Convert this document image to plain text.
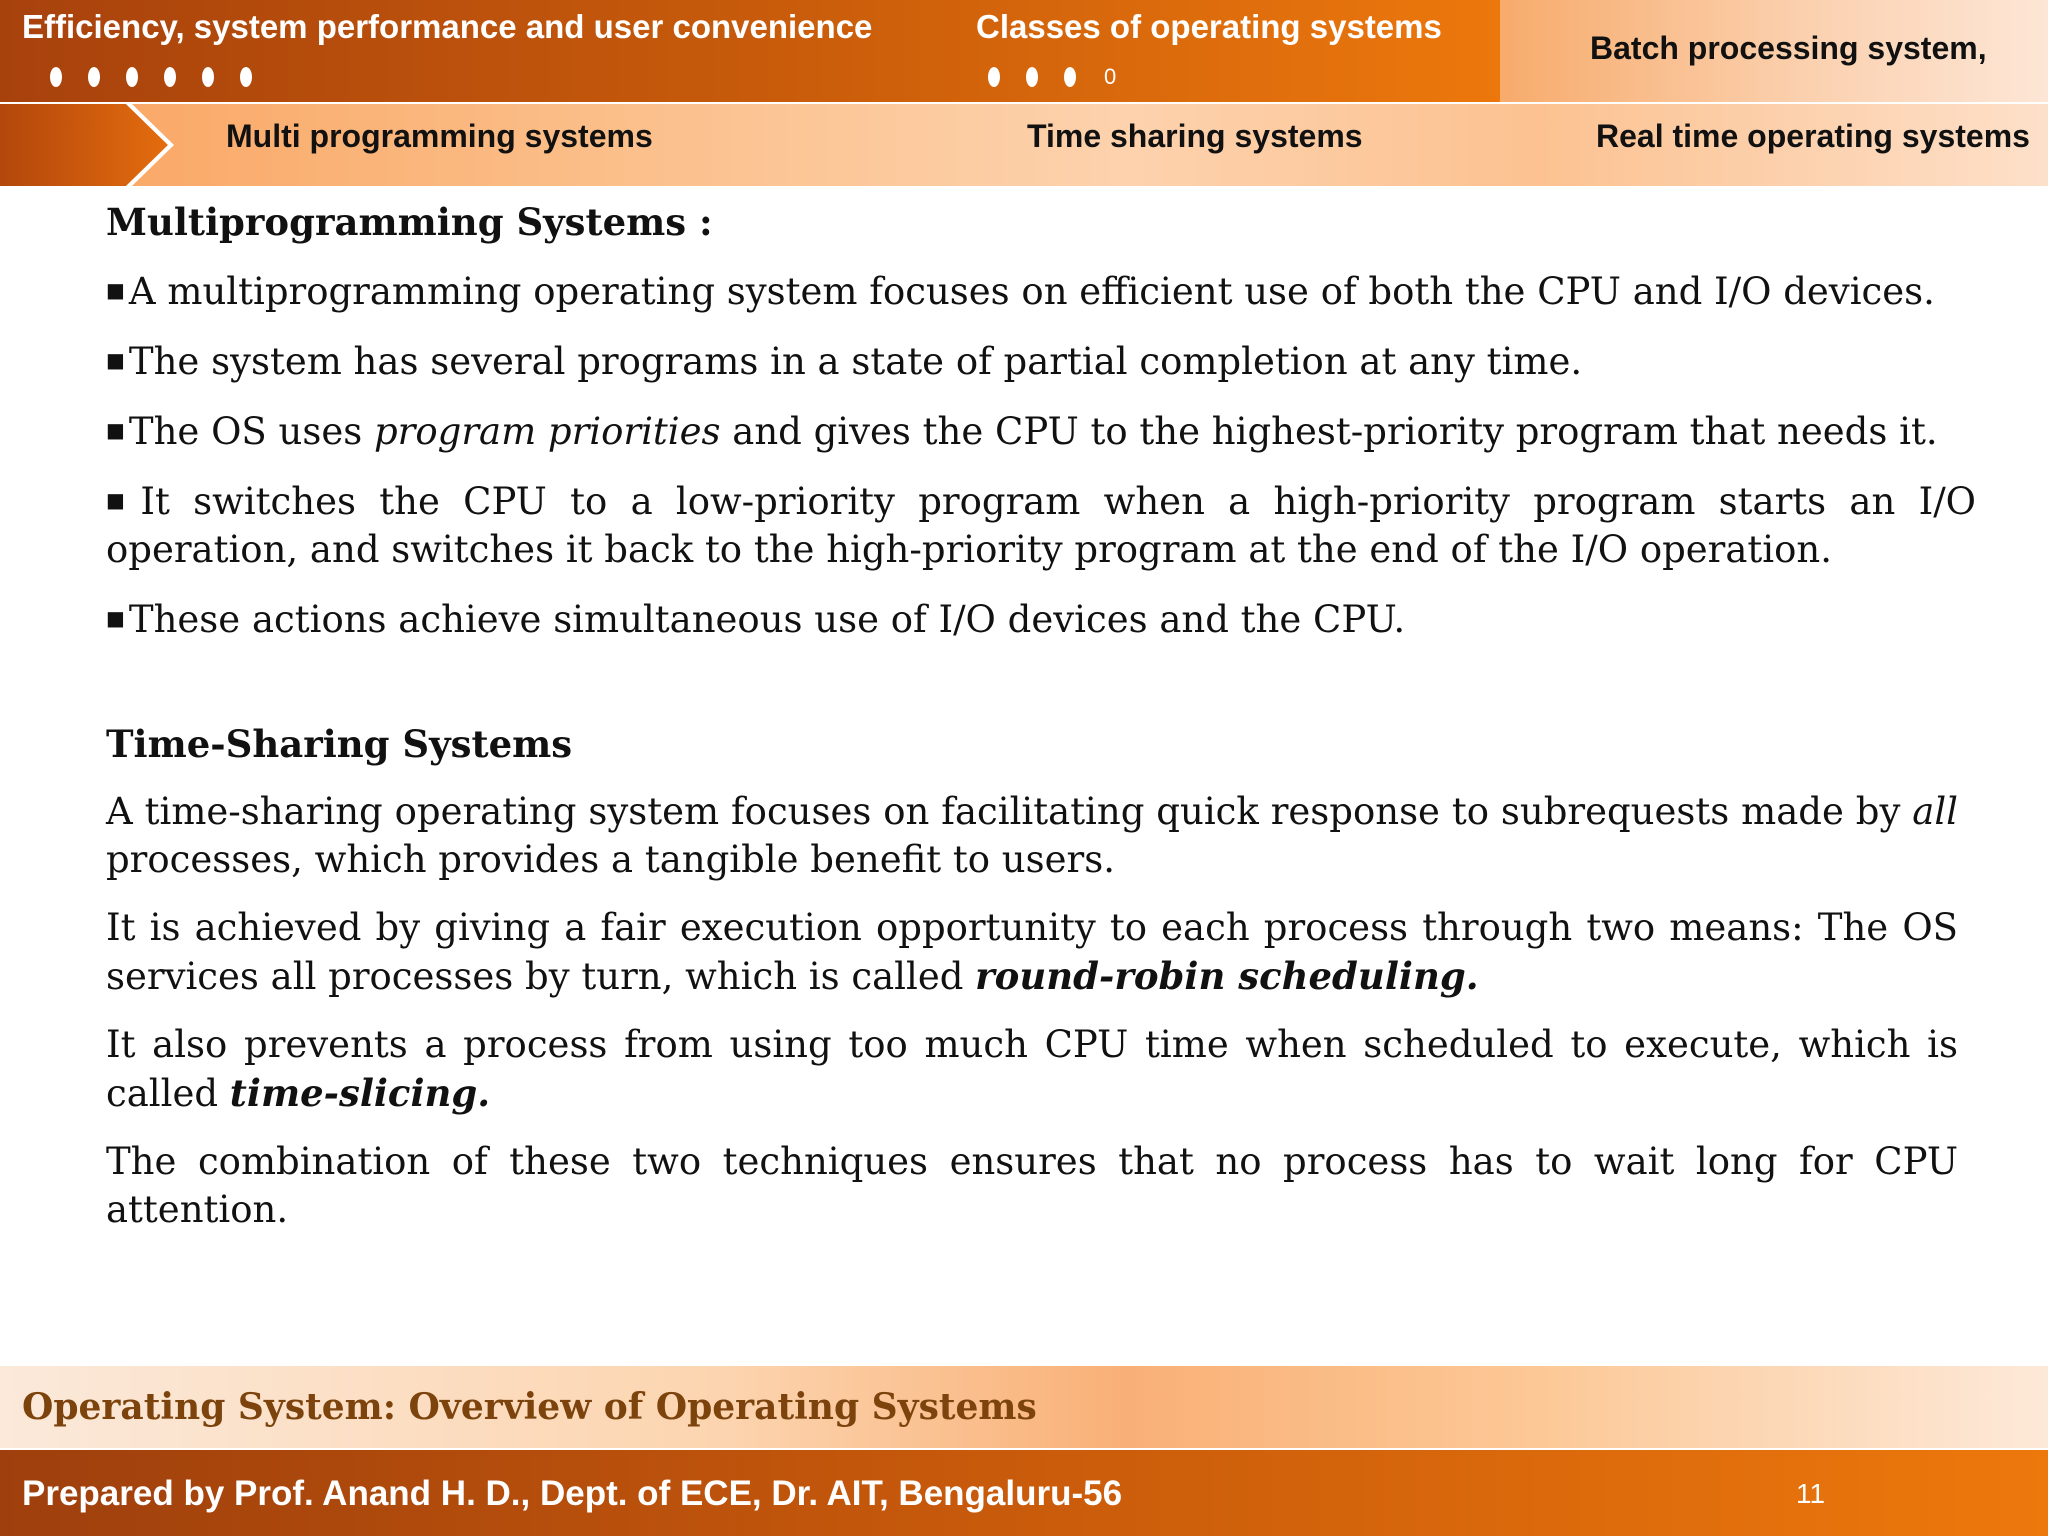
Efficiency, system performance and user convenience	Classes of operating systems
0
Batch processing system,
Multi programming systems	Time sharing systems	Real time operating systems

Multiprogramming Systems :

■ A multiprogramming operating system focuses on efficient use of both the CPU and I/O devices.

■ The system has several programs in a state of partial completion at any time.

■ The OS uses program priorities and gives the CPU to the highest-priority program that needs it.

■ It switches the CPU to a low-priority program when a high-priority program starts an I/O operation, and switches it back to the high-priority program at the end of the I/O operation.

■ These actions achieve simultaneous use of I/O devices and the CPU.

Time-Sharing Systems

A time-sharing operating system focuses on facilitating quick response to subrequests made by all processes, which provides a tangible benefit to users.

It is achieved by giving a fair execution opportunity to each process through two means: The OS services all processes by turn, which is called round-robin scheduling.

It also prevents a process from using too much CPU time when scheduled to execute, which is called time-slicing.

The combination of these two techniques ensures that no process has to wait long for CPU attention.

Operating System: Overview of Operating Systems
Prepared by Prof. Anand H. D., Dept. of ECE, Dr. AIT, Bengaluru-56	11
